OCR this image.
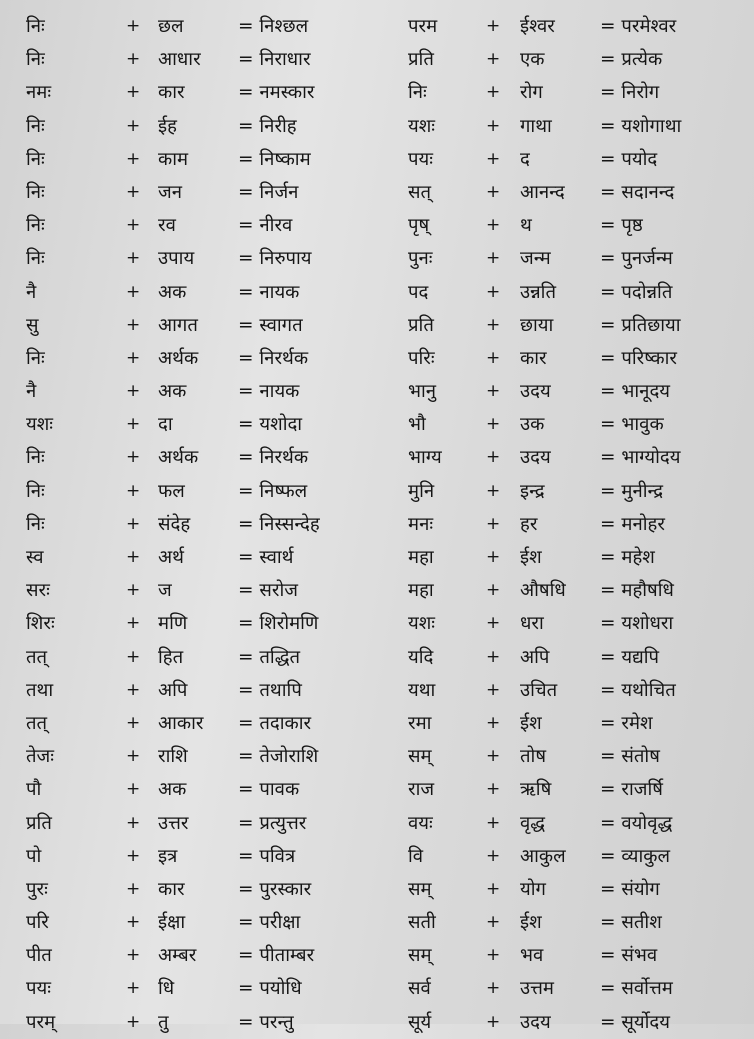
निः	+ छल	= निश्छल	परम	+ ईश्वर = परमेश्वर
निः	+ आधार = निराधार	प्रति	+ एक	= प्रत्येक
नमः	+ कार	= नमस्कार	निः	+ रोग	= निरोग
निः	+ ईह	= निरीह	यशः	+ गाथा	= यशोगाथा
निः	+ काम	= निष्काम	पयः	+ द	= पयोद
निः	+ जन	= निर्जन	सत्	+ आनन्द = सदानन्द
निः	+ रव	= नीरव	पृष्	+ थ	= पृष्ठ
निः	+ उपाय = निरुपाय	पुनः	+ जन्म	= पुनर्जन्म
नै	+ अक	= नायक	पद	+ उन्नति = पदोन्नति
सु	+ आगत = स्वागत	प्रति	+ छाया	= प्रतिछाया
निः	+ अर्थक = निरर्थक	परिः	+ कार	= परिष्कार
नै	+ अक	= नायक	भानु	+ उदय	= भानूदय
यशः	+ दा	= यशोदा	भौ	+ उक	= भावुक
निः	+ अर्थक = निरर्थक	भाग्य	+ उदय	= भाग्योदय
निः	+ फल	= निष्फल	मुनि	+ इन्द्र	= मुनीन्द्र
निः	+ संदेह	= निस्सन्देह	मनः	+ हर	= मनोहर
स्व	+ अर्थ	= स्वार्थ	महा	+ ईश	= महेश
सरः	+ ज	= सरोज	महा	+ औषधि = महौषधि
शिरः	+ मणि	= शिरोमणि	यशः	+ धरा	= यशोधरा
तत्	+ हित	= तद्धित	यदि	+ अपि	= यद्यपि
तथा	+ अपि	= तथापि	यथा	+ उचित = यथोचित
तत्	+ आकार = तदाकार	रमा	+ ईश	= रमेश
तेजः	+ राशि	= तेजोराशि	सम्	+ तोष	= संतोष
पौ	+ अक	= पावक	राज	+ ऋषि	= राजर्षि
प्रति	+ उत्तर	= प्रत्युत्तर	वयः	+ वृद्ध	= वयोवृद्ध
पो	+ इत्र	= पवित्र	वि	+ आकुल = व्याकुल
पुरः	+ कार	= पुरस्कार	सम्	+ योग	= संयोग
परि	+ ईक्षा	= परीक्षा	सती	+ ईश	= सतीश
पीत	+ अम्बर = पीताम्बर	सम्	+ भव	= संभव
पयः	+ धि	= पयोधि	सर्व	+ उत्तम = सर्वोत्तम
परम्	+ तु	= परन्तु	सूर्य	+ उदय	= सूर्योदय
